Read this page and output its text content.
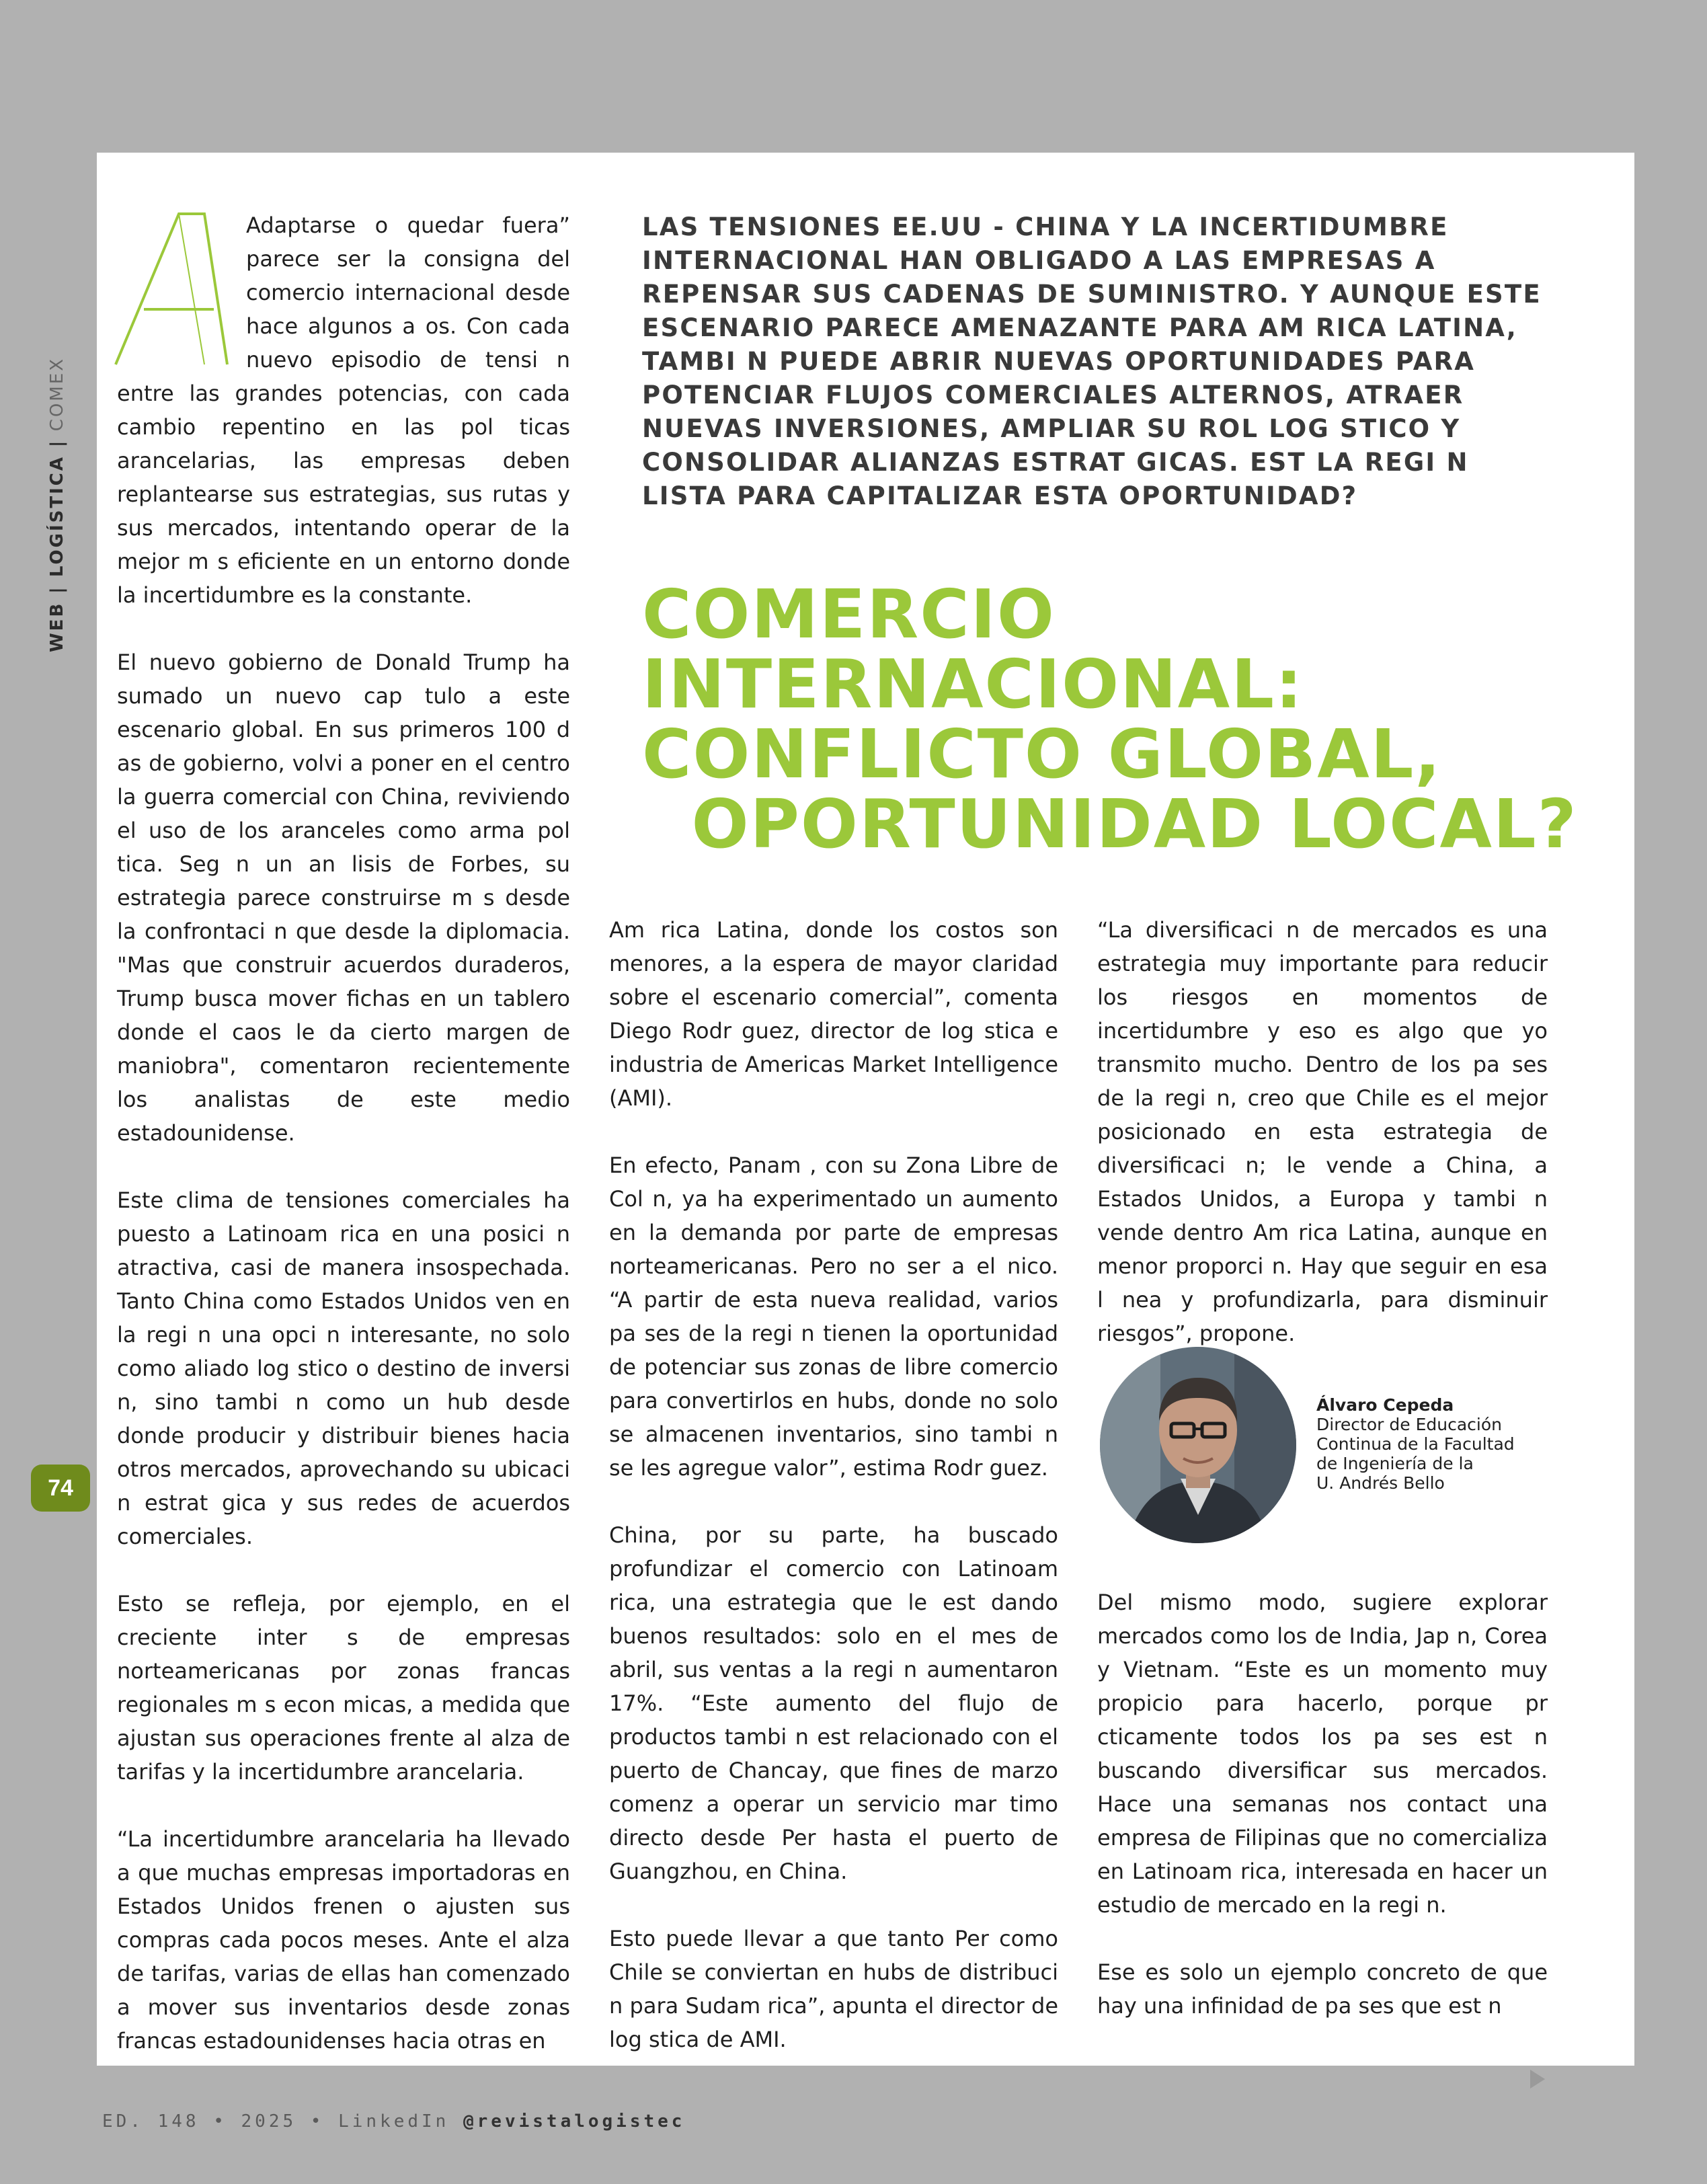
WEB | LOGÍSTICA | COMEX
74

Adaptarse o quedar fuera” parece ser la consigna del comercio internacional desde hace algunos a os. Con cada nuevo episodio de tensi n entre las grandes potencias, con cada cambio repentino en las pol ticas arancelarias, las empresas deben replantearse sus estrategias, sus rutas y sus mercados, intentando operar de la mejor m s eficiente en un entorno donde la incertidumbre es la constante.

El nuevo gobierno de Donald Trump ha sumado un nuevo cap tulo a este escenario global. En sus primeros 100 d as de gobierno, volvi a poner en el centro la guerra comercial con China, reviviendo el uso de los aranceles como arma pol tica. Seg n un an lisis de Forbes, su estrategia parece construirse m s desde la confrontaci n que desde la diplomacia. "Mas que construir acuerdos duraderos, Trump busca mover fichas en un tablero donde el caos le da cierto margen de maniobra", comentaron recientemente los analistas de este medio estadounidense.

Este clima de tensiones comerciales ha puesto a Latinoam rica en una posici n atractiva, casi de manera insospechada. Tanto China como Estados Unidos ven en la regi n una opci n interesante, no solo como aliado log stico o destino de inversi n, sino tambi n como un hub desde donde producir y distribuir bienes hacia otros mercados, aprovechando su ubicaci n estrat gica y sus redes de acuerdos comerciales.

Esto se refleja, por ejemplo, en el creciente inter s de empresas norteamericanas por zonas francas regionales m s econ micas, a medida que ajustan sus operaciones frente al alza de tarifas y la incertidumbre arancelaria.

“La incertidumbre arancelaria ha llevado a que muchas empresas importadoras en Estados Unidos frenen o ajusten sus compras cada pocos meses. Ante el alza de tarifas, varias de ellas han comenzado a mover sus inventarios desde zonas francas estadounidenses hacia otras en

LAS TENSIONES EE.UU - CHINA Y LA INCERTIDUMBRE INTERNACIONAL HAN OBLIGADO A LAS EMPRESAS A REPENSAR SUS CADENAS DE SUMINISTRO. Y AUNQUE ESTE ESCENARIO PARECE AMENAZANTE PARA AM RICA LATINA, TAMBI N PUEDE ABRIR NUEVAS OPORTUNIDADES PARA POTENCIAR FLUJOS COMERCIALES ALTERNOS, ATRAER NUEVAS INVERSIONES, AMPLIAR SU ROL LOG STICO Y CONSOLIDAR ALIANZAS ESTRAT GICAS. EST LA REGI N LISTA PARA CAPITALIZAR ESTA OPORTUNIDAD?

COMERCIO
INTERNACIONAL:
CONFLICTO GLOBAL,
OPORTUNIDAD LOCAL?

Am rica Latina, donde los costos son menores, a la espera de mayor claridad sobre el escenario comercial”, comenta Diego Rodr guez, director de log stica e industria de Americas Market Intelligence (AMI).

En efecto, Panam , con su Zona Libre de Col n, ya ha experimentado un aumento en la demanda por parte de empresas norteamericanas. Pero no ser a el nico. “A partir de esta nueva realidad, varios pa ses de la regi n tienen la oportunidad de potenciar sus zonas de libre comercio para convertirlos en hubs, donde no solo se almacenen inventarios, sino tambi n se les agregue valor”, estima Rodr guez.

China, por su parte, ha buscado profundizar el comercio con Latinoam rica, una estrategia que le est dando buenos resultados: solo en el mes de abril, sus ventas a la regi n aumentaron 17%. “Este aumento del flujo de productos tambi n est relacionado con el puerto de Chancay, que fines de marzo comenz a operar un servicio mar timo directo desde Per hasta el puerto de Guangzhou, en China.

Esto puede llevar a que tanto Per como Chile se conviertan en hubs de distribuci n para Sudam rica”, apunta el director de log stica de AMI.

“La diversificaci n de mercados es una estrategia muy importante para reducir los riesgos en momentos de incertidumbre y eso es algo que yo transmito mucho. Dentro de los pa ses de la regi n, creo que Chile es el mejor posicionado en esta estrategia de diversificaci n; le vende a China, a Estados Unidos, a Europa y tambi n vende dentro Am rica Latina, aunque en menor proporci n. Hay que seguir en esa l nea y profundizarla, para disminuir riesgos”, propone.

Álvaro Cepeda
Director de Educación
Continua de la Facultad
de Ingeniería de la
U. Andrés Bello

Del mismo modo, sugiere explorar mercados como los de India, Jap n, Corea y Vietnam. “Este es un momento muy propicio para hacerlo, porque pr cticamente todos los pa ses est n buscando diversificar sus mercados. Hace una semanas nos contact una empresa de Filipinas que no comercializa en Latinoam rica, interesada en hacer un estudio de mercado en la regi n.

Ese es solo un ejemplo concreto de que hay una infinidad de pa ses que est n

ED. 148 • 2025 • LinkedIn @revistalogistec
